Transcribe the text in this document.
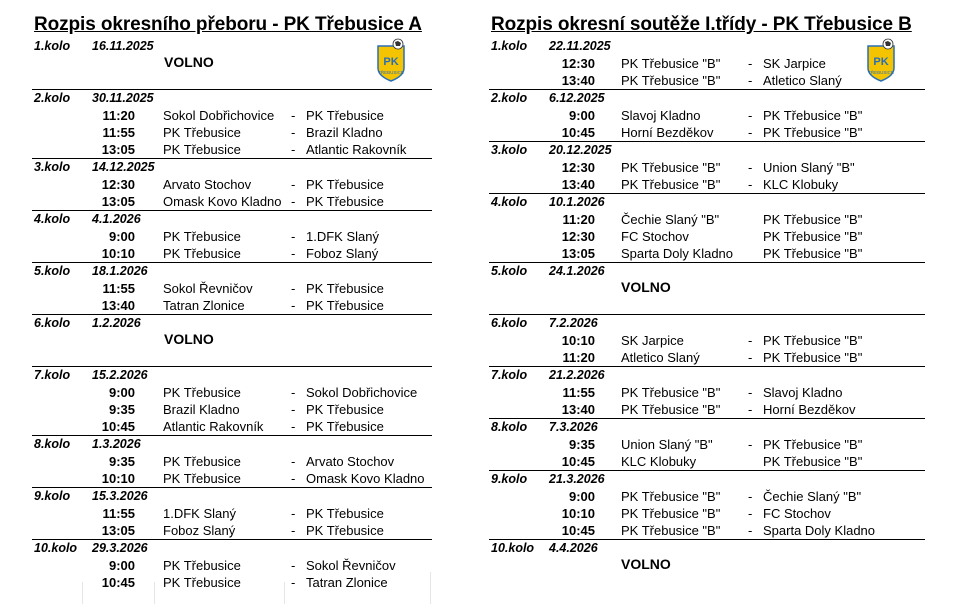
Rozpis okresního přeboru - PK Třebusice A
1.kolo 16.11.2025
VOLNO
2.kolo 30.11.2025
11:20 Sokol Dobřichovice - PK Třebusice
11:55 PK Třebusice	- Brazil Kladno
13:05 PK Třebusice	- Atlantic Rakovník
3.kolo 14.12.2025
12:30 Arvato Stochov	- PK Třebusice
13:05 Omask Kovo Kladno - PK Třebusice
4.kolo 4.1.2026
9:00 PK Třebusice	- 1.DFK Slaný
10:10 PK Třebusice	- Foboz Slaný
5.kolo 18.1.2026
11:55 Sokol Řevničov	- PK Třebusice
13:40 Tatran Zlonice	- PK Třebusice
6.kolo 1.2.2026
VOLNO
7.kolo 15.2.2026
9:00 PK Třebusice	- Sokol Dobřichovice
9:35 Brazil Kladno	- PK Třebusice
10:45 Atlantic Rakovník - PK Třebusice
8.kolo 1.3.2026
9:35 PK Třebusice	- Arvato Stochov
10:10 PK Třebusice	- Omask Kovo Kladno
9.kolo 15.3.2026
11:55 1.DFK Slaný	- PK Třebusice
13:05 Foboz Slaný	- PK Třebusice
10.kolo 29.3.2026
9:00 PK Třebusice	- Sokol Řevničov
10:45 PK Třebusice	- Tatran Zlonice
Rozpis okresní soutěže I.třídy - PK Třebusice B
1.kolo 22.11.2025
12:30 PK Třebusice "B" - SK Jarpice
13:40 PK Třebusice "B" - Atletico Slaný
2.kolo 6.12.2025
9:00 Slavoj Kladno	- PK Třebusice "B"
10:45 Horní Bezděkov	- PK Třebusice "B"
3.kolo 20.12.2025
12:30 PK Třebusice "B" - Union Slaný "B"
13:40 PK Třebusice "B" - KLC Klobuky
4.kolo 10.1.2026
11:20 Čechie Slaný "B"	PK Třebusice "B"
12:30 FC Stochov	PK Třebusice "B"
13:05 Sparta Doly Kladno PK Třebusice "B"
5.kolo 24.1.2026
VOLNO
6.kolo 7.2.2026
10:10 SK Jarpice	- PK Třebusice "B"
11:20 Atletico Slaný	- PK Třebusice "B"
7.kolo 21.2.2026
11:55 PK Třebusice "B" - Slavoj Kladno
13:40 PK Třebusice "B" - Horní Bezděkov
8.kolo 7.3.2026
9:35 Union Slaný "B"	- PK Třebusice "B"
10:45 KLC Klobuky	PK Třebusice "B"
9.kolo 21.3.2026
9:00 PK Třebusice "B" - Čechie Slaný "B"
10:10 PK Třebusice "B" - FC Stochov
10:45 PK Třebusice "B" - Sparta Doly Kladno
10.kolo 4.4.2026
VOLNO
PK
TŘEBUSICE
PK
TŘEBUSICE
